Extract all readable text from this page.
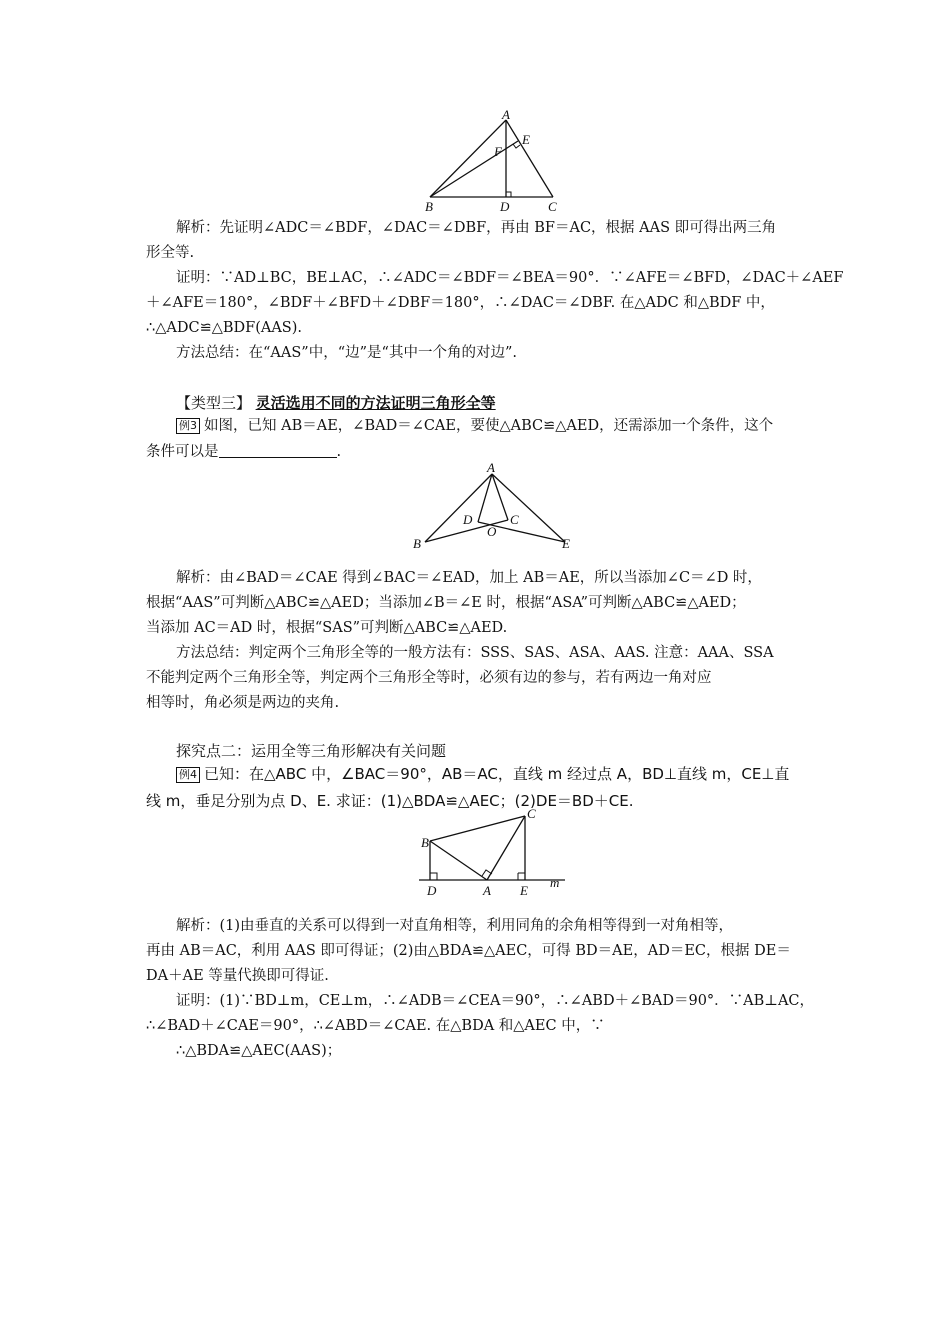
A
E
F
B	D	C
解析：先证明∠ADC＝∠BDF，∠DAC＝∠DBF，再由 BF＝AC，根据 AAS 即可得出两三角
形全等.
证明：∵AD⊥BC，BE⊥AC，∴∠ADC＝∠BDF＝∠BEA＝90°．∵∠AFE＝∠BFD，∠DAC＋∠AEF
＋∠AFE＝180°，∠BDF＋∠BFD＋∠DBF＝180°，∴∠DAC＝∠DBF. 在△ADC 和△BDF 中，
∴△ADC≌△BDF(AAS).
方法总结：在“AAS”中，“边”是“其中一个角的对边”.
【类型三】 灵活选用不同的方法证明三角形全等
例3 如图，已知 AB＝AE，∠BAD＝∠CAE，要使△ABC≌△AED，还需添加一个条件，这个
条件可以是	.
A
D	C
O
B	E
解析：由∠BAD＝∠CAE 得到∠BAC＝∠EAD，加上 AB＝AE，所以当添加∠C＝∠D 时，
根据“AAS”可判断△ABC≌△AED；当添加∠B＝∠E 时，根据“ASA”可判断△ABC≌△AED；
当添加 AC＝AD 时，根据“SAS”可判断△ABC≌△AED.
方法总结：判定两个三角形全等的一般方法有：SSS、SAS、ASA、AAS. 注意：AAA、SSA
不能判定两个三角形全等，判定两个三角形全等时，必须有边的参与，若有两边一角对应
相等时，角必须是两边的夹角.
探究点二：运用全等三角形解决有关问题
例4 已知：在△ABC 中，∠BAC＝90°，AB＝AC，直线 m 经过点 A，BD⊥直线 m，CE⊥直
线 m，垂足分别为点 D、E. 求证：(1)△BDA≌△AEC；(2)DE＝BD＋CE.
B
C
D	A E
m
解析：(1)由垂直的关系可以得到一对直角相等，利用同角的余角相等得到一对角相等，
再由 AB＝AC，利用 AAS 即可得证；(2)由△BDA≌△AEC，可得 BD＝AE，AD＝EC，根据 DE＝
DA＋AE 等量代换即可得证.
证明：(1)∵BD⊥m，CE⊥m，∴∠ADB＝∠CEA＝90°，∴∠ABD＋∠BAD＝90°．∵AB⊥AC，
∴∠BAD＋∠CAE＝90°，∴∠ABD＝∠CAE. 在△BDA 和△AEC 中，∵
∴△BDA≌△AEC(AAS)；
